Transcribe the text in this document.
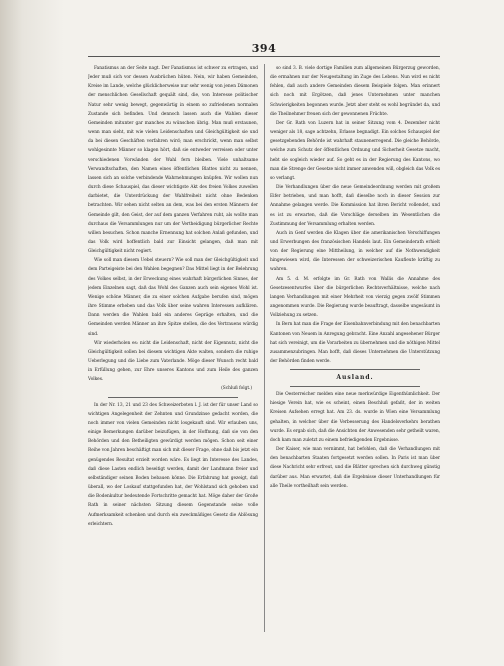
394

Fanatismus an der Seite nagt. Der Fanatismus ist schwer zu ertragen, und Jeder muß sich vor dessen Ausbrüchen hüten. Nein, wir haben Gemeinden, Kreise im Lande, welche glücklicherweise nur sehr wenig von jenen Dämonen der menschlichen Gesellschaft gequält sind, die, von Interesse politischer Natur sehr wenig bewegt, gegenwärtig in einem so zufriedenen normalen Zustande sich befinden. Und dennoch lassen auch die Wahlen dieser Gemeinden mitunter gar manches zu wünschen übrig. Man muß erstaunen, wenn man sieht, mit wie vielen Leidenschaften und Gleichgültigkeit sie und da bei diesen Geschäften verfahren wird; man erschrickt, wenn man selbst wohlgesinnte Männer so klagen hört, daß sie entweder verreisen oder unter verschiedenen Vorwänden der Wahl fern bleiben. Viele unhaltsame Verwandtschaften, den Namen eines öffentlichen Blattes nicht zu nennen, lassen sich an solche verbindende Wahrnehmungen knüpfen. Wir wollen nun durch diese Schauspiel, das dieser wichtigste Akt des freien Volkes zuweilen darbietet, die Unterdrückung der Wahlfreiheit nicht ohne Bedenken betrachten. Wir sehen nicht selten an dem, was bei den ersten Männern der Gemeinde gilt, den Geist, der auf dem ganzen Verfahren ruht, als wollte man durchaus die Versammlungen nur um der Vertheidigung bürgerlicher Rechte willen besuchen. Schon manche Ernennung hat solchen Anlaß gefunden, und das Volk wird hoffentlich bald zur Einsicht gelangen, daß man mit Gleichgültigkeit nicht regiert.

Wie soll man diesem Uebel steuern? Wie soll man der Gleichgültigkeit und dem Parteigeiste bei den Wahlen begegnen? Das Mittel liegt in der Belehrung des Volkes selbst, in der Erweckung eines wahrhaft bürgerlichen Sinnes, der jedem Einzelnen sagt, daß das Wohl des Ganzen auch sein eigenes Wohl ist. Wenige schöne Männer, die zu einer solchen Aufgabe berufen sind, mögen ihre Stimme erheben und das Volk über seine wahren Interessen aufklären. Dann werden die Wahlen bald ein anderes Gepräge erhalten, und die Gemeinden werden Männer an ihre Spitze stellen, die des Vertrauens würdig sind.

Wir wiederholen es: nicht die Leidenschaft, nicht der Eigennutz, nicht die Gleichgültigkeit sollen bei diesem wichtigen Akte walten, sondern die ruhige Ueberlegung und die Liebe zum Vaterlande. Möge dieser Wunsch recht bald in Erfüllung gehen, zur Ehre unseres Kantons und zum Heile des ganzen Volkes.

(Schluß folgt.)

In der Nr. 13, 21 und 23 des Schweizerboten l. J. ist der für unser Land so wichtigen Angelegenheit der Zehnten und Grundzinse gedacht worden, die noch immer von vielen Gemeinden nicht losgekauft sind. Wir erlauben uns, einige Bemerkungen darüber beizufügen, in der Hoffnung, daß sie von den Behörden und den Betheiligten gewürdigt werden mögen. Schon seit einer Reihe von Jahren beschäftigt man sich mit dieser Frage, ohne daß bis jetzt ein genügendes Resultat erzielt worden wäre. Es liegt im Interesse des Landes, daß diese Lasten endlich beseitigt werden, damit der Landmann freier und selbständiger seinen Boden bebauen könne. Die Erfahrung hat gezeigt, daß überall, wo der Loskauf stattgefunden hat, der Wohlstand sich gehoben und die Bodenkultur bedeutende Fortschritte gemacht hat. Möge daher der Große Rath in seiner nächsten Sitzung diesem Gegenstande seine volle Aufmerksamkeit schenken und durch ein zweckmäßiges Gesetz die Ablösung erleichtern.

so sind 3. B. viele dortige Familien zum allgemeinen Bürgerzug geworden, die ermahnen nur der Neugestaltung im Zuge des Lebens. Nun wird es nicht fehlen, daß auch andere Gemeinden diesem Beispiele folgen. Man erinnert sich noch mit Ergötzen, daß jenes Unternehmen unter manchen Schwierigkeiten begonnen wurde. Jetzt aber steht es wohl begründet da, und die Theilnehmer freuen sich der gewonnenen Früchte.

Der Gr. Rath von Luzern hat in seiner Sitzung vom 4. Dezember nicht weniger als 18, sage achtzehn, Erlasse begnadigt. Ein solches Schauspiel der gesetzgebenden Behörde ist wahrhaft staunenerregend. Die gleiche Behörde, welche zum Schutz der öffentlichen Ordnung und Sicherheit Gesetze macht, hebt sie sogleich wieder auf. So geht es in der Regierung des Kantons, wo man die Strenge der Gesetze nicht immer anwenden will, obgleich das Volk es so verlangt.

Die Verhandlungen über die neue Gemeindeordnung werden mit großem Eifer betrieben, und man hofft, daß dieselbe noch in dieser Session zur Annahme gelangen werde. Die Kommission hat ihren Bericht vollendet, und es ist zu erwarten, daß die Vorschläge derselben im Wesentlichen die Zustimmung der Versammlung erhalten werden.

Auch in Genf werden die Klagen über die amerikanischen Verschiffungen und Erwerbungen des französischen Handels laut. Ein Gemeinderath erhielt von der Regierung eine Mittheilung, in welcher auf die Nothwendigkeit hingewiesen wird, die Interessen der schweizerischen Kaufleute kräftig zu wahren.

Am 5. d. M. erfolgte im Gr. Rath von Wallis die Annahme des Gesetzesentwurfes über die bürgerlichen Rechtsverhältnisse, welche nach langen Verhandlungen mit einer Mehrheit von vierzig gegen zwölf Stimmen angenommen wurde. Die Regierung wurde beauftragt, dasselbe ungesäumt in Vollziehung zu setzen.

In Bern hat man die Frage der Eisenbahnverbindung mit den benachbarten Kantonen von Neuem in Anregung gebracht. Eine Anzahl angesehener Bürger hat sich vereinigt, um die Vorarbeiten zu übernehmen und die nöthigen Mittel zusammenzubringen. Man hofft, daß dieses Unternehmen die Unterstützung der Behörden finden werde.

Ausland.

Die Oesterreicher melden eine neue merkwürdige Eigenthümlichkeit. Der hiesige Verein hat, wie es scheint, einen Beschluß gefaßt, der in weiten Kreisen Aufsehen erregt hat. Am 23. ds. wurde in Wien eine Versammlung gehalten, in welcher über die Verbesserung des Handelsverkehrs berathen wurde. Es ergab sich, daß die Ansichten der Anwesenden sehr getheilt waren, doch kam man zuletzt zu einem befriedigenden Ergebnisse.

Der Kaiser, wie man vernimmt, hat befohlen, daß die Verhandlungen mit den benachbarten Staaten fortgesetzt werden sollen. In Paris ist man über diese Nachricht sehr erfreut, und die Blätter sprechen sich durchweg günstig darüber aus. Man erwartet, daß die Ergebnisse dieser Unterhandlungen für alle Theile vortheilhaft sein werden.
